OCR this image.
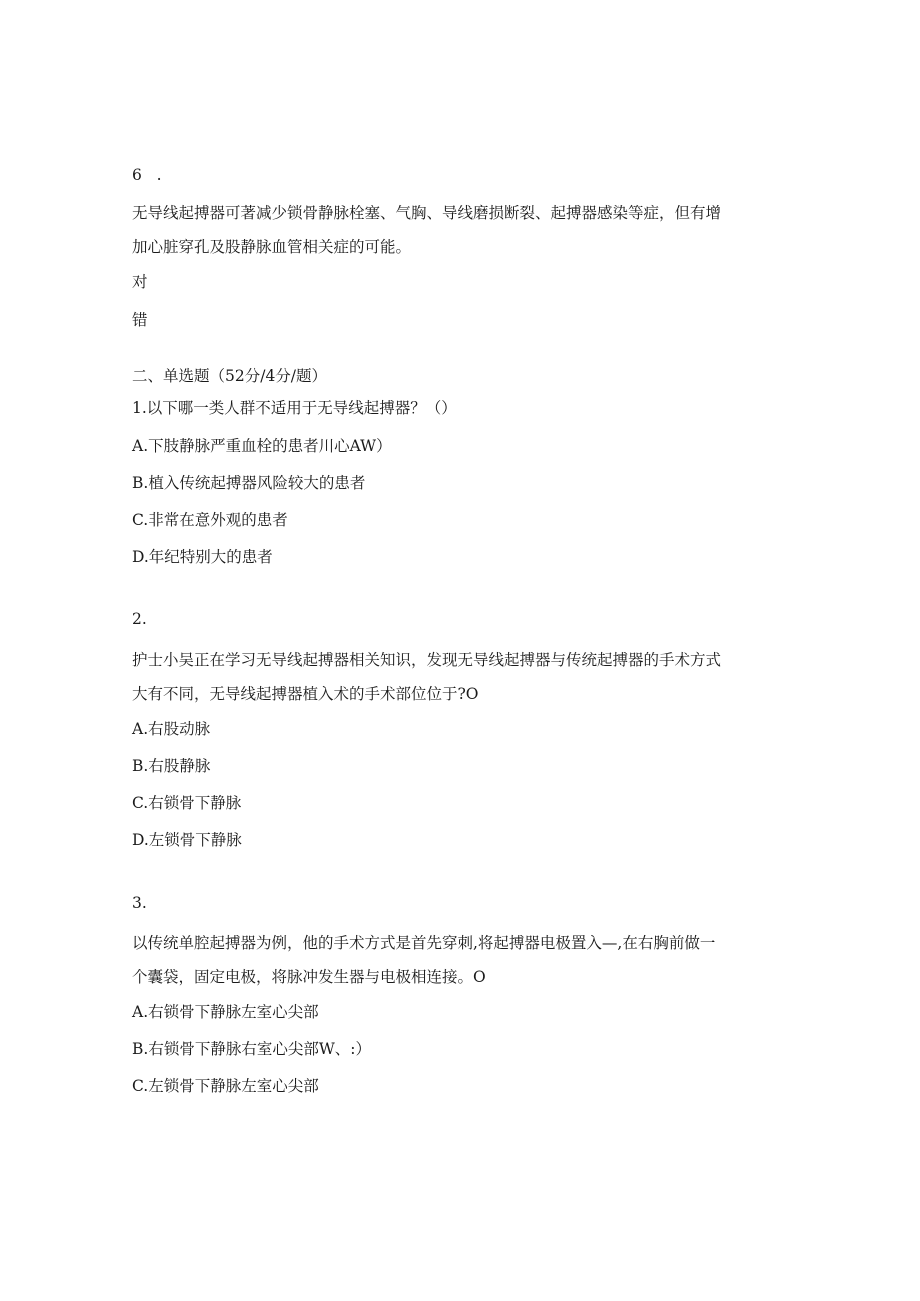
6   .
无导线起搏器可著减少锁骨静脉栓塞、气胸、导线磨损断裂、起搏器感染等症，但有增
加心脏穿孔及股静脉血管相关症的可能。
对
错
二、单选题（52分/4分/题）
1.以下哪一类人群不适用于无导线起搏器？（）
A.下肢静脉严重血栓的患者川心AW）
B.植入传统起搏器风险较大的患者
C.非常在意外观的患者
D.年纪特别大的患者
2.
护士小吴正在学习无导线起搏器相关知识，发现无导线起搏器与传统起搏器的手术方式
大有不同，无导线起搏器植入术的手术部位位于?O
A.右股动脉
B.右股静脉
C.右锁骨下静脉
D.左锁骨下静脉
3.
以传统单腔起搏器为例，他的手术方式是首先穿刺,将起搏器电极置入—,在右胸前做一
个囊袋，固定电极，将脉冲发生器与电极相连接。O
A.右锁骨下静脉左室心尖部
B.右锁骨下静脉右室心尖部W、:）
C.左锁骨下静脉左室心尖部
